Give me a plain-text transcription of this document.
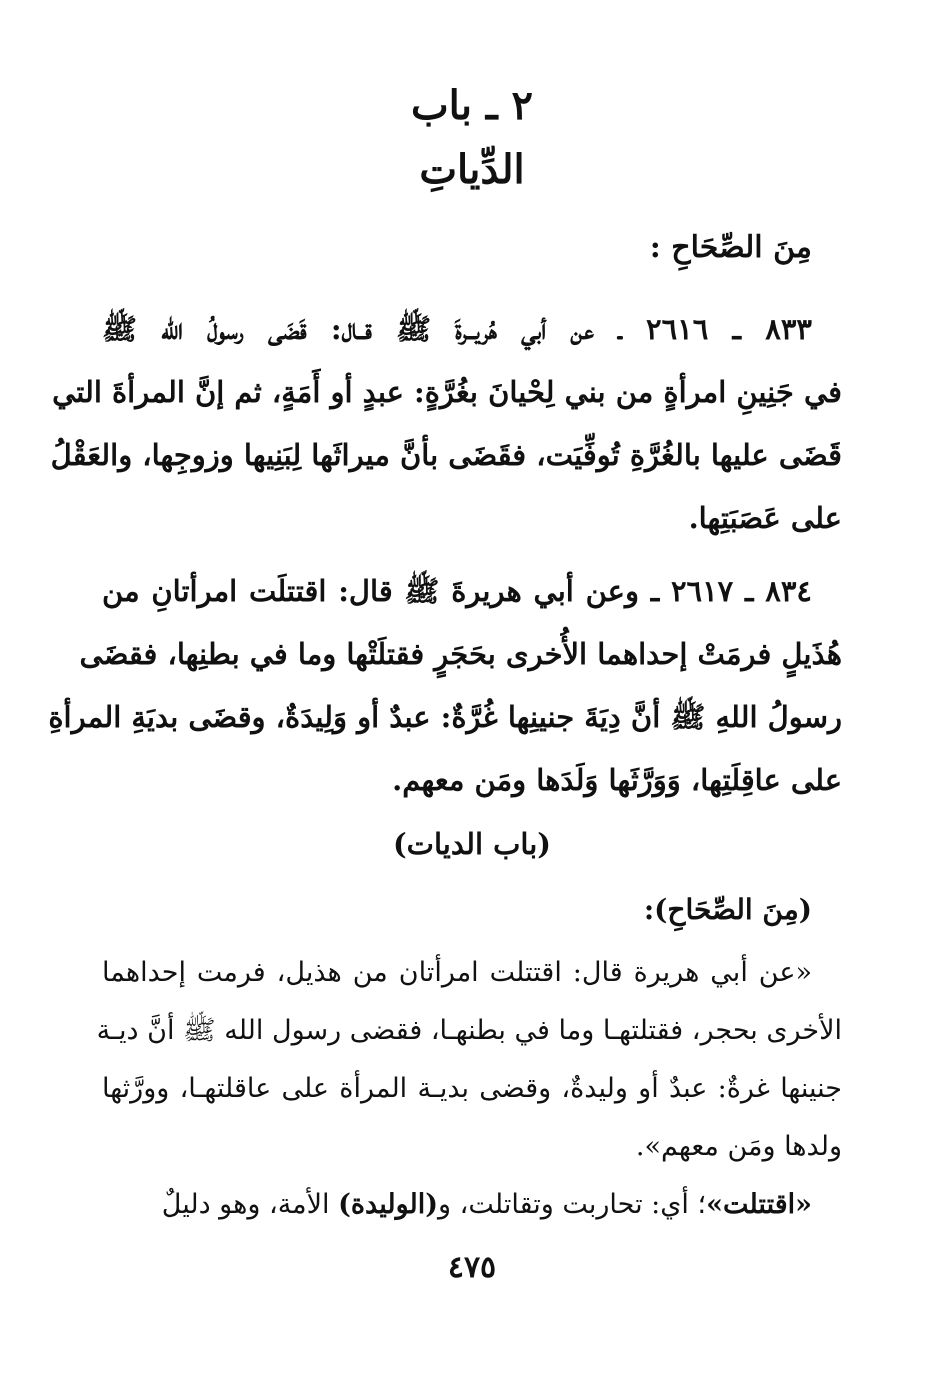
٢ ـ باب
الدِّياتِ
مِنَ الصِّحَاحِ :
٨٣٣ ـ ٢٦١٦ ـ عن أبي هُريــرةَ ﷺ قــال: قَضَى رسولُ الله ﷺ
في جَنِينِ امرأةٍ من بني لِحْيانَ بغُرَّةٍ: عبدٍ أو أَمَةٍ، ثم إنَّ المرأةَ التي
قَضَى عليها بالغُرَّةِ تُوفِّيَت، فقَضَى بأنَّ ميراثَها لِبَنِيها وزوجِها، والعَقْلُ
على عَصَبَتِها.
٨٣٤ ـ ٢٦١٧ ـ وعن أبي هريرةَ ﷺ قال: اقتتلَت امرأتانِ من
هُذَيلٍ فرمَتْ إحداهما الأُخرى بحَجَرٍ فقتلَتْها وما في بطنِها، فقضَى
رسولُ اللهِ ﷺ أنَّ دِيَةَ جنينِها غُرَّةٌ: عبدٌ أو وَلِيدَةٌ، وقضَى بديَةِ المرأةِ
على عاقِلَتِها، وَوَرَّثَها وَلَدَها ومَن معهم.
(باب الديات)
(مِنَ الصِّحَاحِ):
«عن أبي هريرة قال: اقتتلت امرأتان من هذيل، فرمت إحداهما
الأخرى بحجر، فقتلتهـا وما في بطنهـا، فقضى رسول الله ﷺ أنَّ ديـة
جنينها غرةٌ: عبدٌ أو وليدةٌ، وقضى بديـة المرأة على عاقلتهـا، وورَّثها
ولدها ومَن معهم».
«اقتتلت»؛ أي: تحاربت وتقاتلت، و(الوليدة) الأمة، وهو دليلٌ
٤٧٥
